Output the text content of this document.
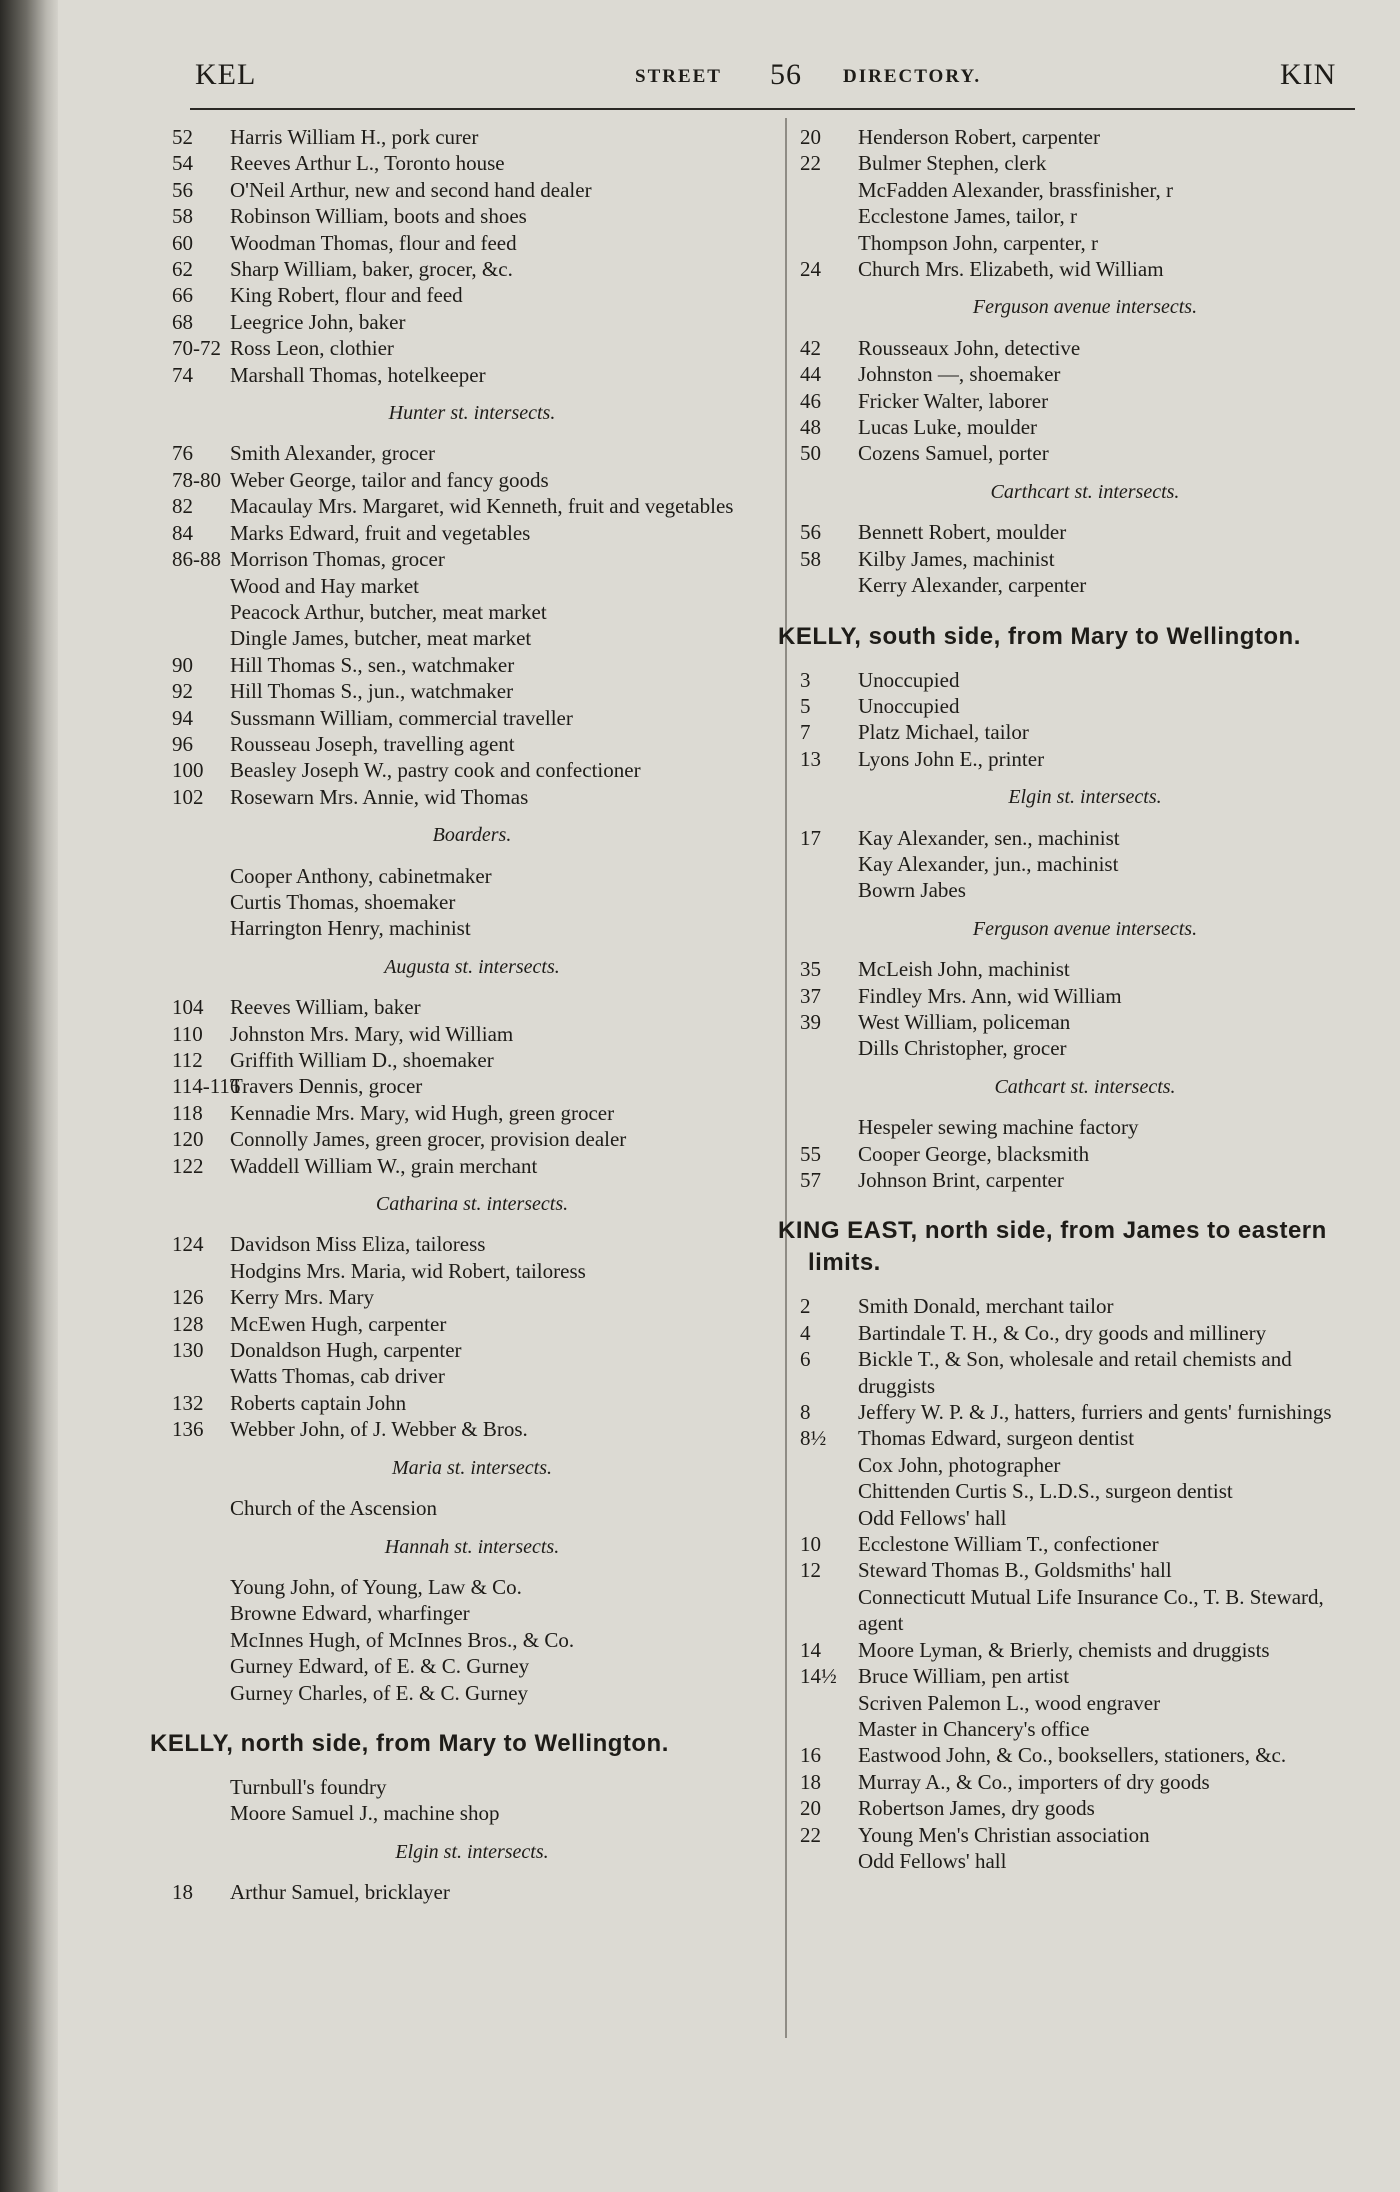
KEL	STREET 56 DIRECTORY.	KIN
52 Harris William H., pork curer
54 Reeves Arthur L., Toronto house
56 O'Neil Arthur, new and second hand dealer
58 Robinson William, boots and shoes
60 Woodman Thomas, flour and feed
62 Sharp William, baker, grocer, &c.
66 King Robert, flour and feed
68 Leegrice John, baker
70-72 Ross Leon, clothier
74 Marshall Thomas, hotelkeeper
Hunter st. intersects.
76 Smith Alexander, grocer
78-80 Weber George, tailor and fancy goods
82 Macaulay Mrs. Margaret, wid Kenneth, fruit and vegetables
84 Marks Edward, fruit and vegetables
86-88 Morrison Thomas, grocer
Wood and Hay market
Peacock Arthur, butcher, meat market
Dingle James, butcher, meat market
90 Hill Thomas S., sen., watchmaker
92 Hill Thomas S., jun., watchmaker
94 Sussmann William, commercial traveller
96 Rousseau Joseph, travelling agent
100 Beasley Joseph W., pastry cook and confectioner
102 Rosewarn Mrs. Annie, wid Thomas
Boarders.
Cooper Anthony, cabinetmaker
Curtis Thomas, shoemaker
Harrington Henry, machinist
Augusta st. intersects.
104 Reeves William, baker
110 Johnston Mrs. Mary, wid William
112 Griffith William D., shoemaker
114-116Travers Dennis, grocer
118 Kennadie Mrs. Mary, wid Hugh, green grocer
120 Connolly James, green grocer, provision dealer
122 Waddell William W., grain merchant
Catharina st. intersects.
124 Davidson Miss Eliza, tailoress
Hodgins Mrs. Maria, wid Robert, tailoress
126 Kerry Mrs. Mary
128 McEwen Hugh, carpenter
130 Donaldson Hugh, carpenter
Watts Thomas, cab driver
132 Roberts captain John
136 Webber John, of J. Webber & Bros.
Maria st. intersects.
Church of the Ascension
Hannah st. intersects.
Young John, of Young, Law & Co.
Browne Edward, wharfinger
McInnes Hugh, of McInnes Bros., & Co.
Gurney Edward, of E. & C. Gurney
Gurney Charles, of E. & C. Gurney
KELLY, north side, from Mary to Wellington.
Turnbull's foundry
Moore Samuel J., machine shop
Elgin st. intersects.
18 Arthur Samuel, bricklayer
20 Henderson Robert, carpenter
22 Bulmer Stephen, clerk
McFadden Alexander, brassfinisher, r
Ecclestone James, tailor, r
Thompson John, carpenter, r
24 Church Mrs. Elizabeth, wid William
Ferguson avenue intersects.
42 Rousseaux John, detective
44 Johnston —, shoemaker
46 Fricker Walter, laborer
48 Lucas Luke, moulder
50 Cozens Samuel, porter
Carthcart st. intersects.
56 Bennett Robert, moulder
58 Kilby James, machinist
Kerry Alexander, carpenter
KELLY, south side, from Mary to Wellington.
3 Unoccupied
5 Unoccupied
7 Platz Michael, tailor
13 Lyons John E., printer
Elgin st. intersects.
17 Kay Alexander, sen., machinist
Kay Alexander, jun., machinist
Bowrn Jabes
Ferguson avenue intersects.
35 McLeish John, machinist
37 Findley Mrs. Ann, wid William
39 West William, policeman
Dills Christopher, grocer
Cathcart st. intersects.
Hespeler sewing machine factory
55 Cooper George, blacksmith
57 Johnson Brint, carpenter
KING EAST, north side, from James to eastern limits.
2 Smith Donald, merchant tailor
4 Bartindale T. H., & Co., dry goods and millinery
6 Bickle T., & Son, wholesale and retail chemists and druggists
8 Jeffery W. P. & J., hatters, furriers and gents' furnishings
8½ Thomas Edward, surgeon dentist
Cox John, photographer
Chittenden Curtis S., L.D.S., surgeon dentist
Odd Fellows' hall
10 Ecclestone William T., confectioner
12 Steward Thomas B., Goldsmiths' hall
Connecticutt Mutual Life Insurance Co., T. B. Steward, agent
14 Moore Lyman, & Brierly, chemists and druggists
14½ Bruce William, pen artist
Scriven Palemon L., wood engraver
Master in Chancery's office
16 Eastwood John, & Co., booksellers, stationers, &c.
18 Murray A., & Co., importers of dry goods
20 Robertson James, dry goods
22 Young Men's Christian association
Odd Fellows' hall
